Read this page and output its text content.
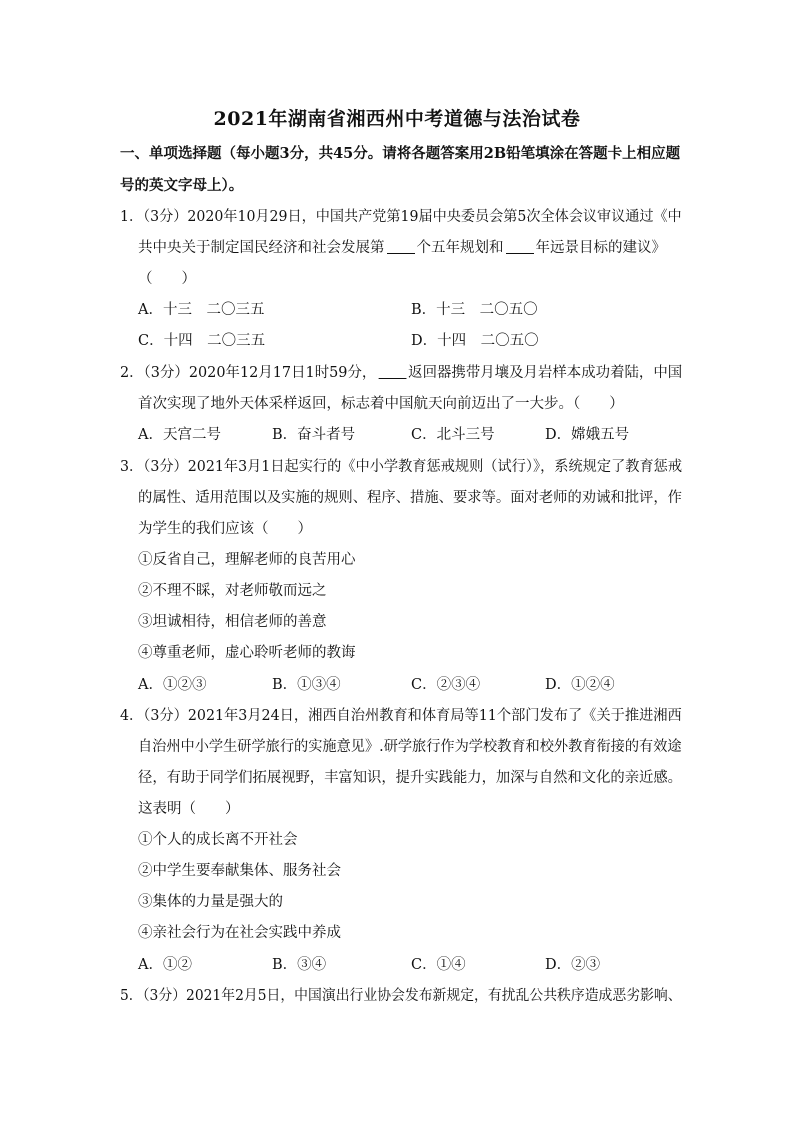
2021年湖南省湘西州中考道德与法治试卷
一、单项选择题（每小题3分，共45分。请将各题答案用2B铅笔填涂在答题卡上相应题
号的英文字母上）。
1．（3分）2020年10月29日，中国共产党第19届中央委员会第5次全体会议审议通过《中
共中央关于制定国民经济和社会发展第 个五年规划和 年远景目标的建议》
（　　）
A．十三　二〇三五	B．十三　二〇五〇
C．十四　二〇三五	D．十四　二〇五〇
2．（3分）2020年12月17日1时59分， 返回器携带月壤及月岩样本成功着陆，中国
首次实现了地外天体采样返回，标志着中国航天向前迈出了一大步。（　　）
A．天宫二号	B．奋斗者号	C．北斗三号	D．嫦娥五号
3．（3分）2021年3月1日起实行的《中小学教育惩戒规则（试行）》，系统规定了教育惩戒
的属性、适用范围以及实施的规则、程序、措施、要求等。面对老师的劝诫和批评，作
为学生的我们应该（　　）
①反省自己，理解老师的良苦用心
②不理不睬，对老师敬而远之
③坦诚相待，相信老师的善意
④尊重老师，虚心聆听老师的教诲
A．①②③	B．①③④	C．②③④	D．①②④
4．（3分）2021年3月24日，湘西自治州教育和体育局等11个部门发布了《关于推进湘西
自治州中小学生研学旅行的实施意见》.研学旅行作为学校教育和校外教育衔接的有效途
径，有助于同学们拓展视野，丰富知识，提升实践能力，加深与自然和文化的亲近感。
这表明（　　）
①个人的成长离不开社会
②中学生要奉献集体、服务社会
③集体的力量是强大的
④亲社会行为在社会实践中养成
A．①②	B．③④	C．①④	D．②③
5．（3分）2021年2月5日，中国演出行业协会发布新规定，有扰乱公共秩序造成恶劣影响、
